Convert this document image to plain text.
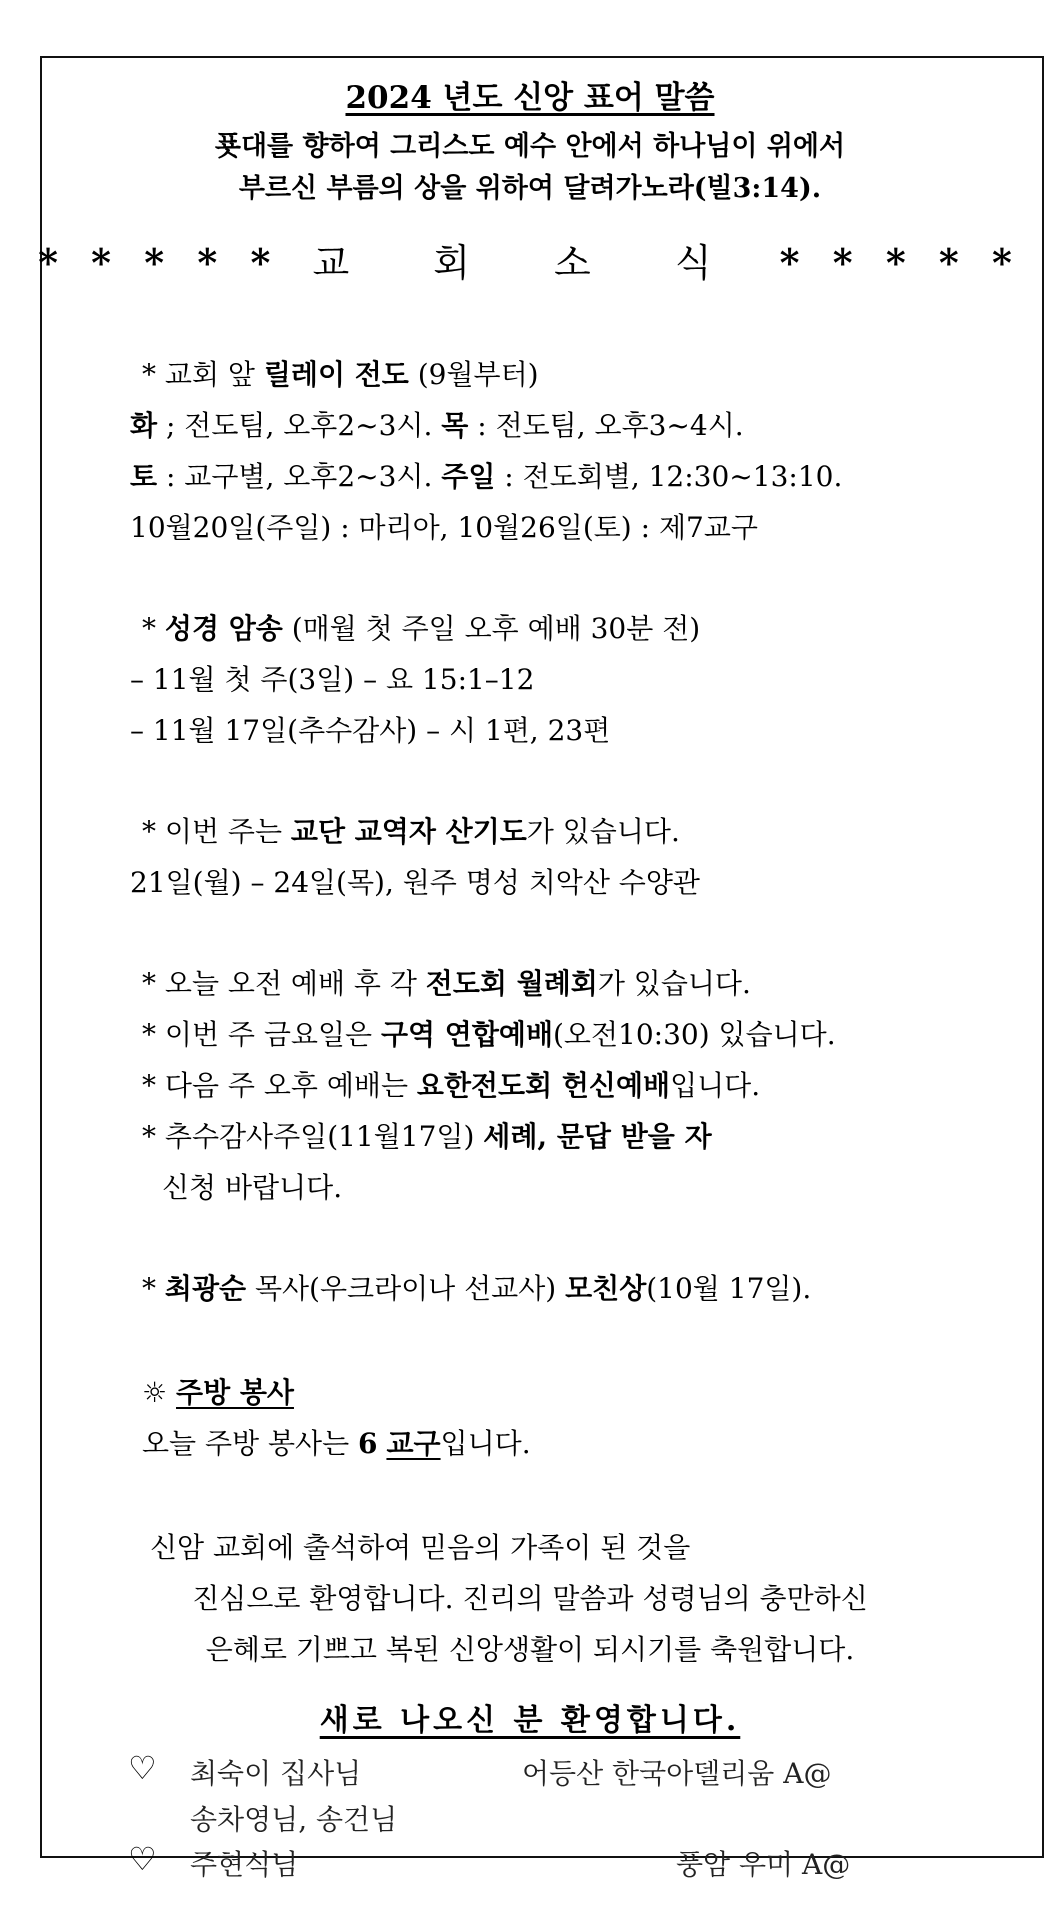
2024 년도 신앙 표어 말씀
푯대를 향하여 그리스도 예수 안에서 하나님이 위에서
부르신 부름의 상을 위하여 달려가노라(빌3:14).
* * * * * 교 회 소 식 * * * * *
* 교회 앞 릴레이 전도 (9월부터)
화 ; 전도팀, 오후2~3시. 목 : 전도팀, 오후3~4시.
토 : 교구별, 오후2~3시. 주일 : 전도회별, 12:30~13:10.
10월20일(주일) : 마리아, 10월26일(토) : 제7교구
* 성경 암송 (매월 첫 주일 오후 예배 30분 전)
– 11월 첫 주(3일) – 요 15:1–12
– 11월 17일(추수감사) – 시 1편, 23편
* 이번 주는 교단 교역자 산기도가 있습니다.
21일(월) – 24일(목), 원주 명성 치악산 수양관
* 오늘 오전 예배 후 각 전도회 월례회가 있습니다.
* 이번 주 금요일은 구역 연합예배(오전10:30) 있습니다.
* 다음 주 오후 예배는 요한전도회 헌신예배입니다.
* 추수감사주일(11월17일) 세례, 문답 받을 자
신청 바랍니다.
* 최광순 목사(우크라이나 선교사) 모친상(10월 17일).
☼ 주방 봉사
오늘 주방 봉사는 6 교구입니다.
신암 교회에 출석하여 믿음의 가족이 된 것을
진심으로 환영합니다. 진리의 말씀과 성령님의 충만하신
은혜로 기쁘고 복된 신앙생활이 되시기를 축원합니다.
새로 나오신 분 환영합니다.
♡ 최숙이 집사님	어등산 한국아델리움 A@
송차영님, 송건님
♡ 주현식님	풍암 우미 A@
